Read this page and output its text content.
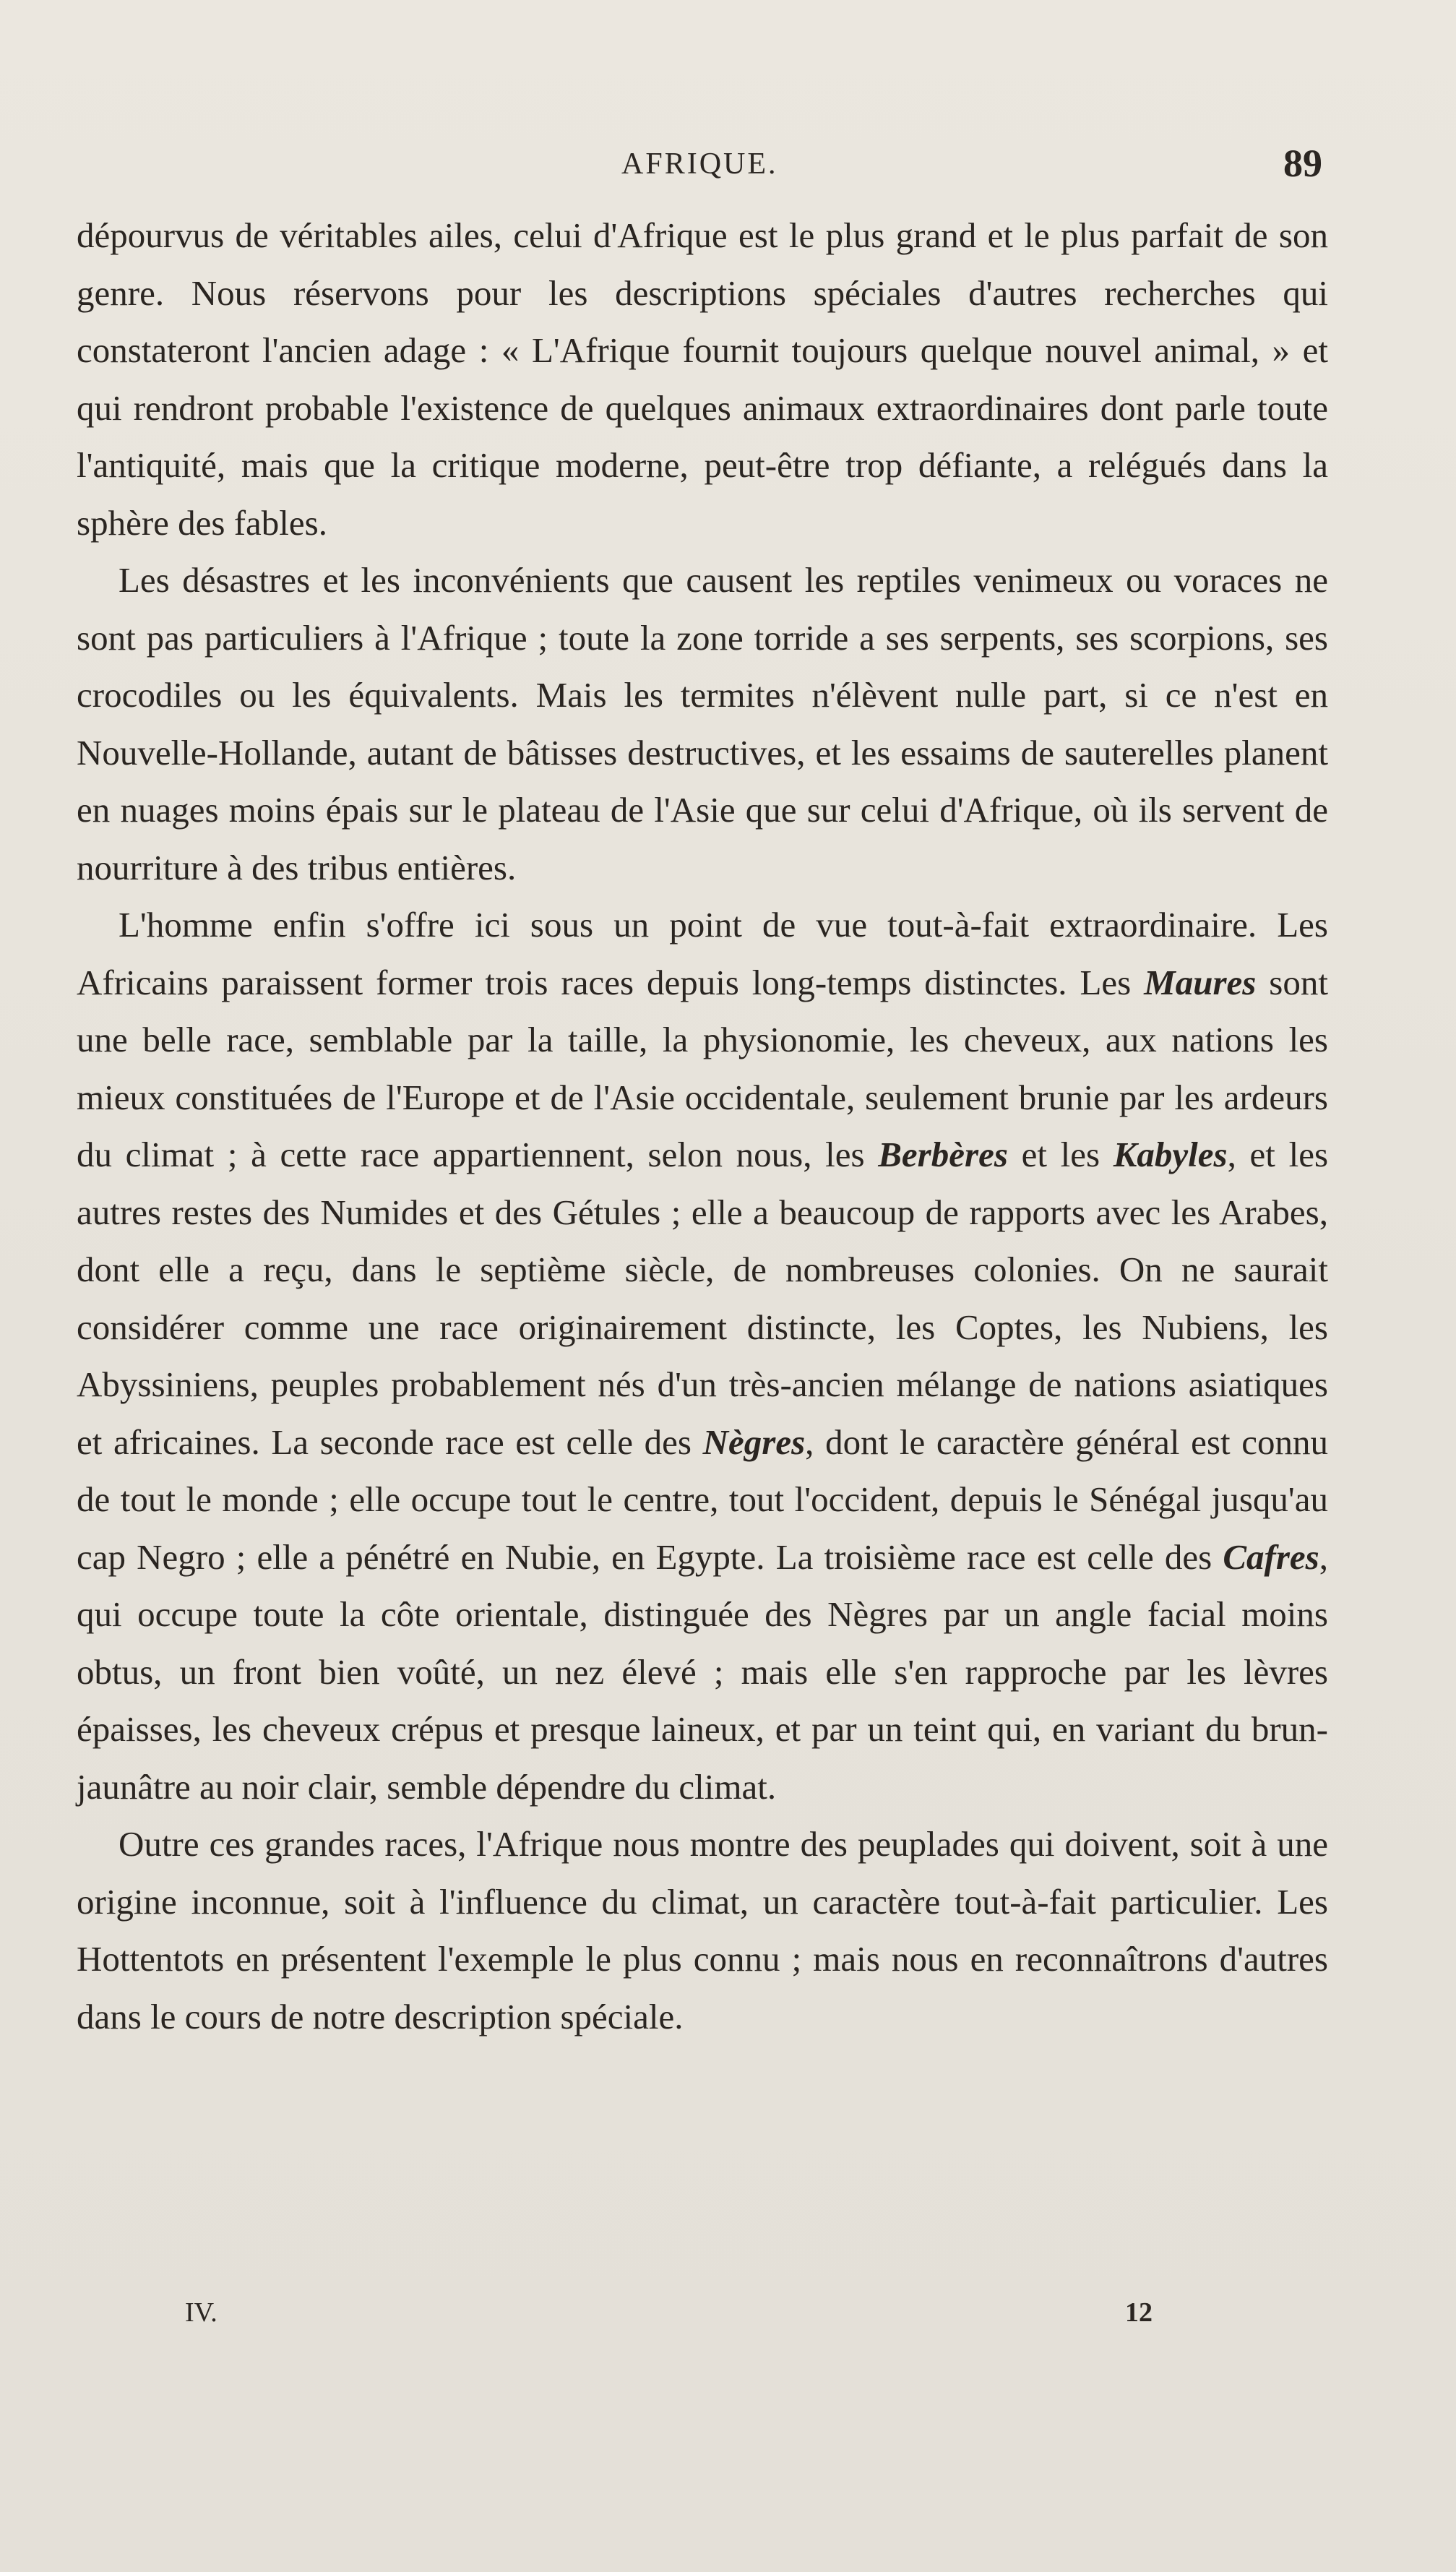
AFRIQUE.	89

dépourvus de véritables ailes, celui d'Afrique est le plus grand et le plus parfait de son genre. Nous réservons pour les descriptions spéciales d'autres recherches qui constateront l'ancien adage : « L'Afrique fournit toujours quelque nouvel animal, » et qui rendront probable l'existence de quelques animaux extraordinaires dont parle toute l'antiquité, mais que la critique moderne, peut-être trop défiante, a relégués dans la sphère des fables.

Les désastres et les inconvénients que causent les reptiles venimeux ou voraces ne sont pas particuliers à l'Afrique ; toute la zone torride a ses serpents, ses scorpions, ses crocodiles ou les équivalents. Mais les termites n'élèvent nulle part, si ce n'est en Nouvelle-Hollande, autant de bâtisses destructives, et les essaims de sauterelles planent en nuages moins épais sur le plateau de l'Asie que sur celui d'Afrique, où ils servent de nourriture à des tribus entières.

L'homme enfin s'offre ici sous un point de vue tout-à-fait extraordinaire. Les Africains paraissent former trois races depuis long-temps distinctes. Les Maures sont une belle race, semblable par la taille, la physionomie, les cheveux, aux nations les mieux constituées de l'Europe et de l'Asie occidentale, seulement brunie par les ardeurs du climat ; à cette race appartiennent, selon nous, les Berbères et les Kabyles, et les autres restes des Numides et des Gétules ; elle a beaucoup de rapports avec les Arabes, dont elle a reçu, dans le septième siècle, de nombreuses colonies. On ne saurait considérer comme une race originairement distincte, les Coptes, les Nubiens, les Abyssiniens, peuples probablement nés d'un très-ancien mélange de nations asiatiques et africaines. La seconde race est celle des Nègres, dont le caractère général est connu de tout le monde ; elle occupe tout le centre, tout l'occident, depuis le Sénégal jusqu'au cap Negro ; elle a pénétré en Nubie, en Egypte. La troisième race est celle des Cafres, qui occupe toute la côte orientale, distinguée des Nègres par un angle facial moins obtus, un front bien voûté, un nez élevé ; mais elle s'en rapproche par les lèvres épaisses, les cheveux crépus et presque laineux, et par un teint qui, en variant du brun-jaunâtre au noir clair, semble dépendre du climat.

Outre ces grandes races, l'Afrique nous montre des peuplades qui doivent, soit à une origine inconnue, soit à l'influence du climat, un caractère tout-à-fait particulier. Les Hottentots en présentent l'exemple le plus connu ; mais nous en reconnaîtrons d'autres dans le cours de notre description spéciale.

IV.	12
